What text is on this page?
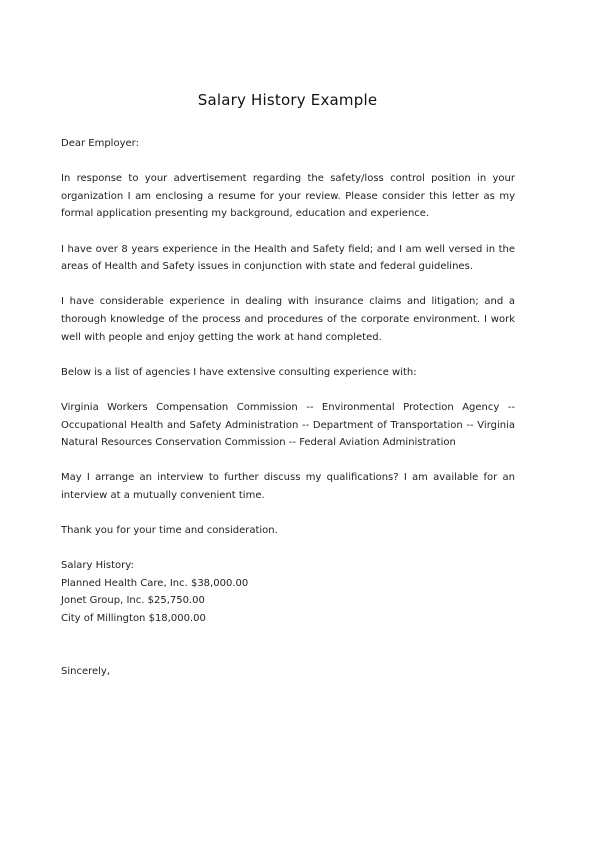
Salary History Example

Dear Employer:

In response to your advertisement regarding the safety/loss control position in your organization I am enclosing a resume for your review. Please consider this letter as my formal application presenting my background, education and experience.

I have over 8 years experience in the Health and Safety field; and I am well versed in the areas of Health and Safety issues in conjunction with state and federal guidelines.

I have considerable experience in dealing with insurance claims and litigation; and a thorough knowledge of the process and procedures of the corporate environment. I work well with people and enjoy getting the work at hand completed.

Below is a list of agencies I have extensive consulting experience with:

Virginia Workers Compensation Commission -- Environmental Protection Agency -- Occupational Health and Safety Administration -- Department of Transportation -- Virginia Natural Resources Conservation Commission -- Federal Aviation Administration

May I arrange an interview to further discuss my qualifications? I am available for an interview at a mutually convenient time.

Thank you for your time and consideration.

Salary History:
Planned Health Care, Inc. $38,000.00
Jonet Group, Inc. $25,750.00
City of Millington $18,000.00

Sincerely,
